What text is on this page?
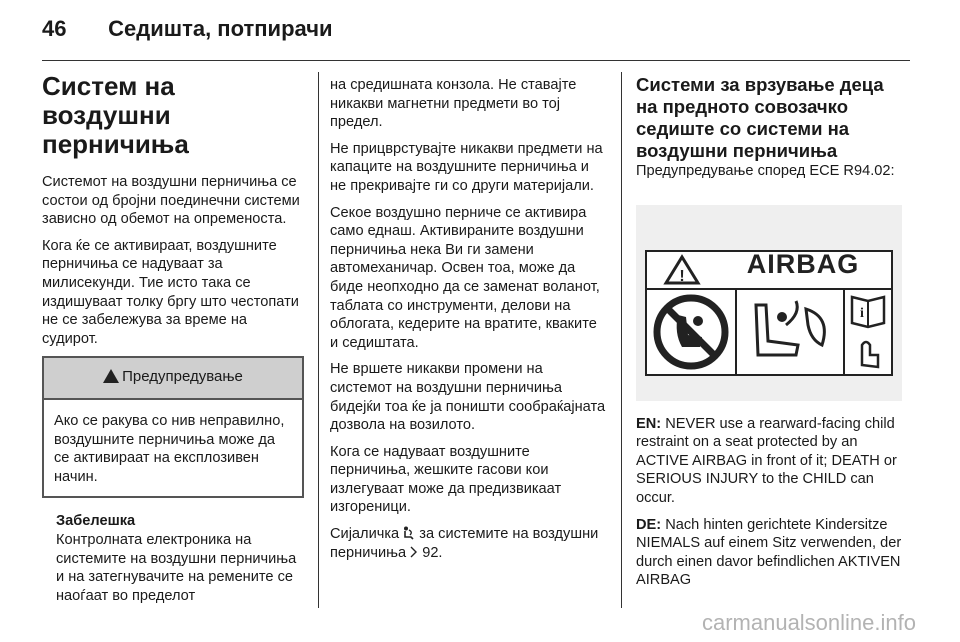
46 Седишта, потпирачи
Систем на воздушни перничиња

Системот на воздушни перничиња се состои од бројни поединечни системи зависно од обемот на опременоста.

Кога ќе се активираат, воздушните перничиња се надуваат за милисекунди. Тие исто така се издишуваат толку бргу што честопати не се забележува за време на судирот.

Предупредување
Ако се ракува со нив неправилно, воздушните перничиња може да се активираат на експлозивен начин.
Забелешка
Контролната електроника на системите на воздушни перничиња и на затегнувачите на ремените се наоѓаат во пределот

на средишната конзола. Не ставајте никакви магнетни предмети во тој предел.

Не прицврстувајте никакви предмети на капаците на воздушните перничиња и не прекривајте ги со други материјали.

Секое воздушно перниче се активира само еднаш. Активираните воздушни перничиња нека Ви ги замени автомеханичар. Освен тоа, може да биде неопходно да се заменат воланот, таблата со инструменти, делови на облогата, кедерите на вратите, кваките и седиштата.

Не вршете никакви промени на системот на воздушни перничиња бидејќи тоа ќе ја поништи сообраќајната дозвола на возилото.

Кога се надуваат воздушните перничиња, жешките гасови кои излегуваат може да предизвикаат изгореници.

Сијаличка за системите на воздушни перничиња 92.

Системи за врзување деца на предното совозачко седиште со системи на воздушни перничиња
Предупредување според ECE R94.02:
!
i
AIRBAG

EN: NEVER use a rearward-facing child restraint on a seat protected by an ACTIVE AIRBAG in front of it; DEATH or SERIOUS INJURY to the CHILD can occur.

DE: Nach hinten gerichtete Kindersitze NIEMALS auf einem Sitz verwenden, der durch einen davor befindlichen AKTIVEN AIRBAG

carmanualsonline.info
